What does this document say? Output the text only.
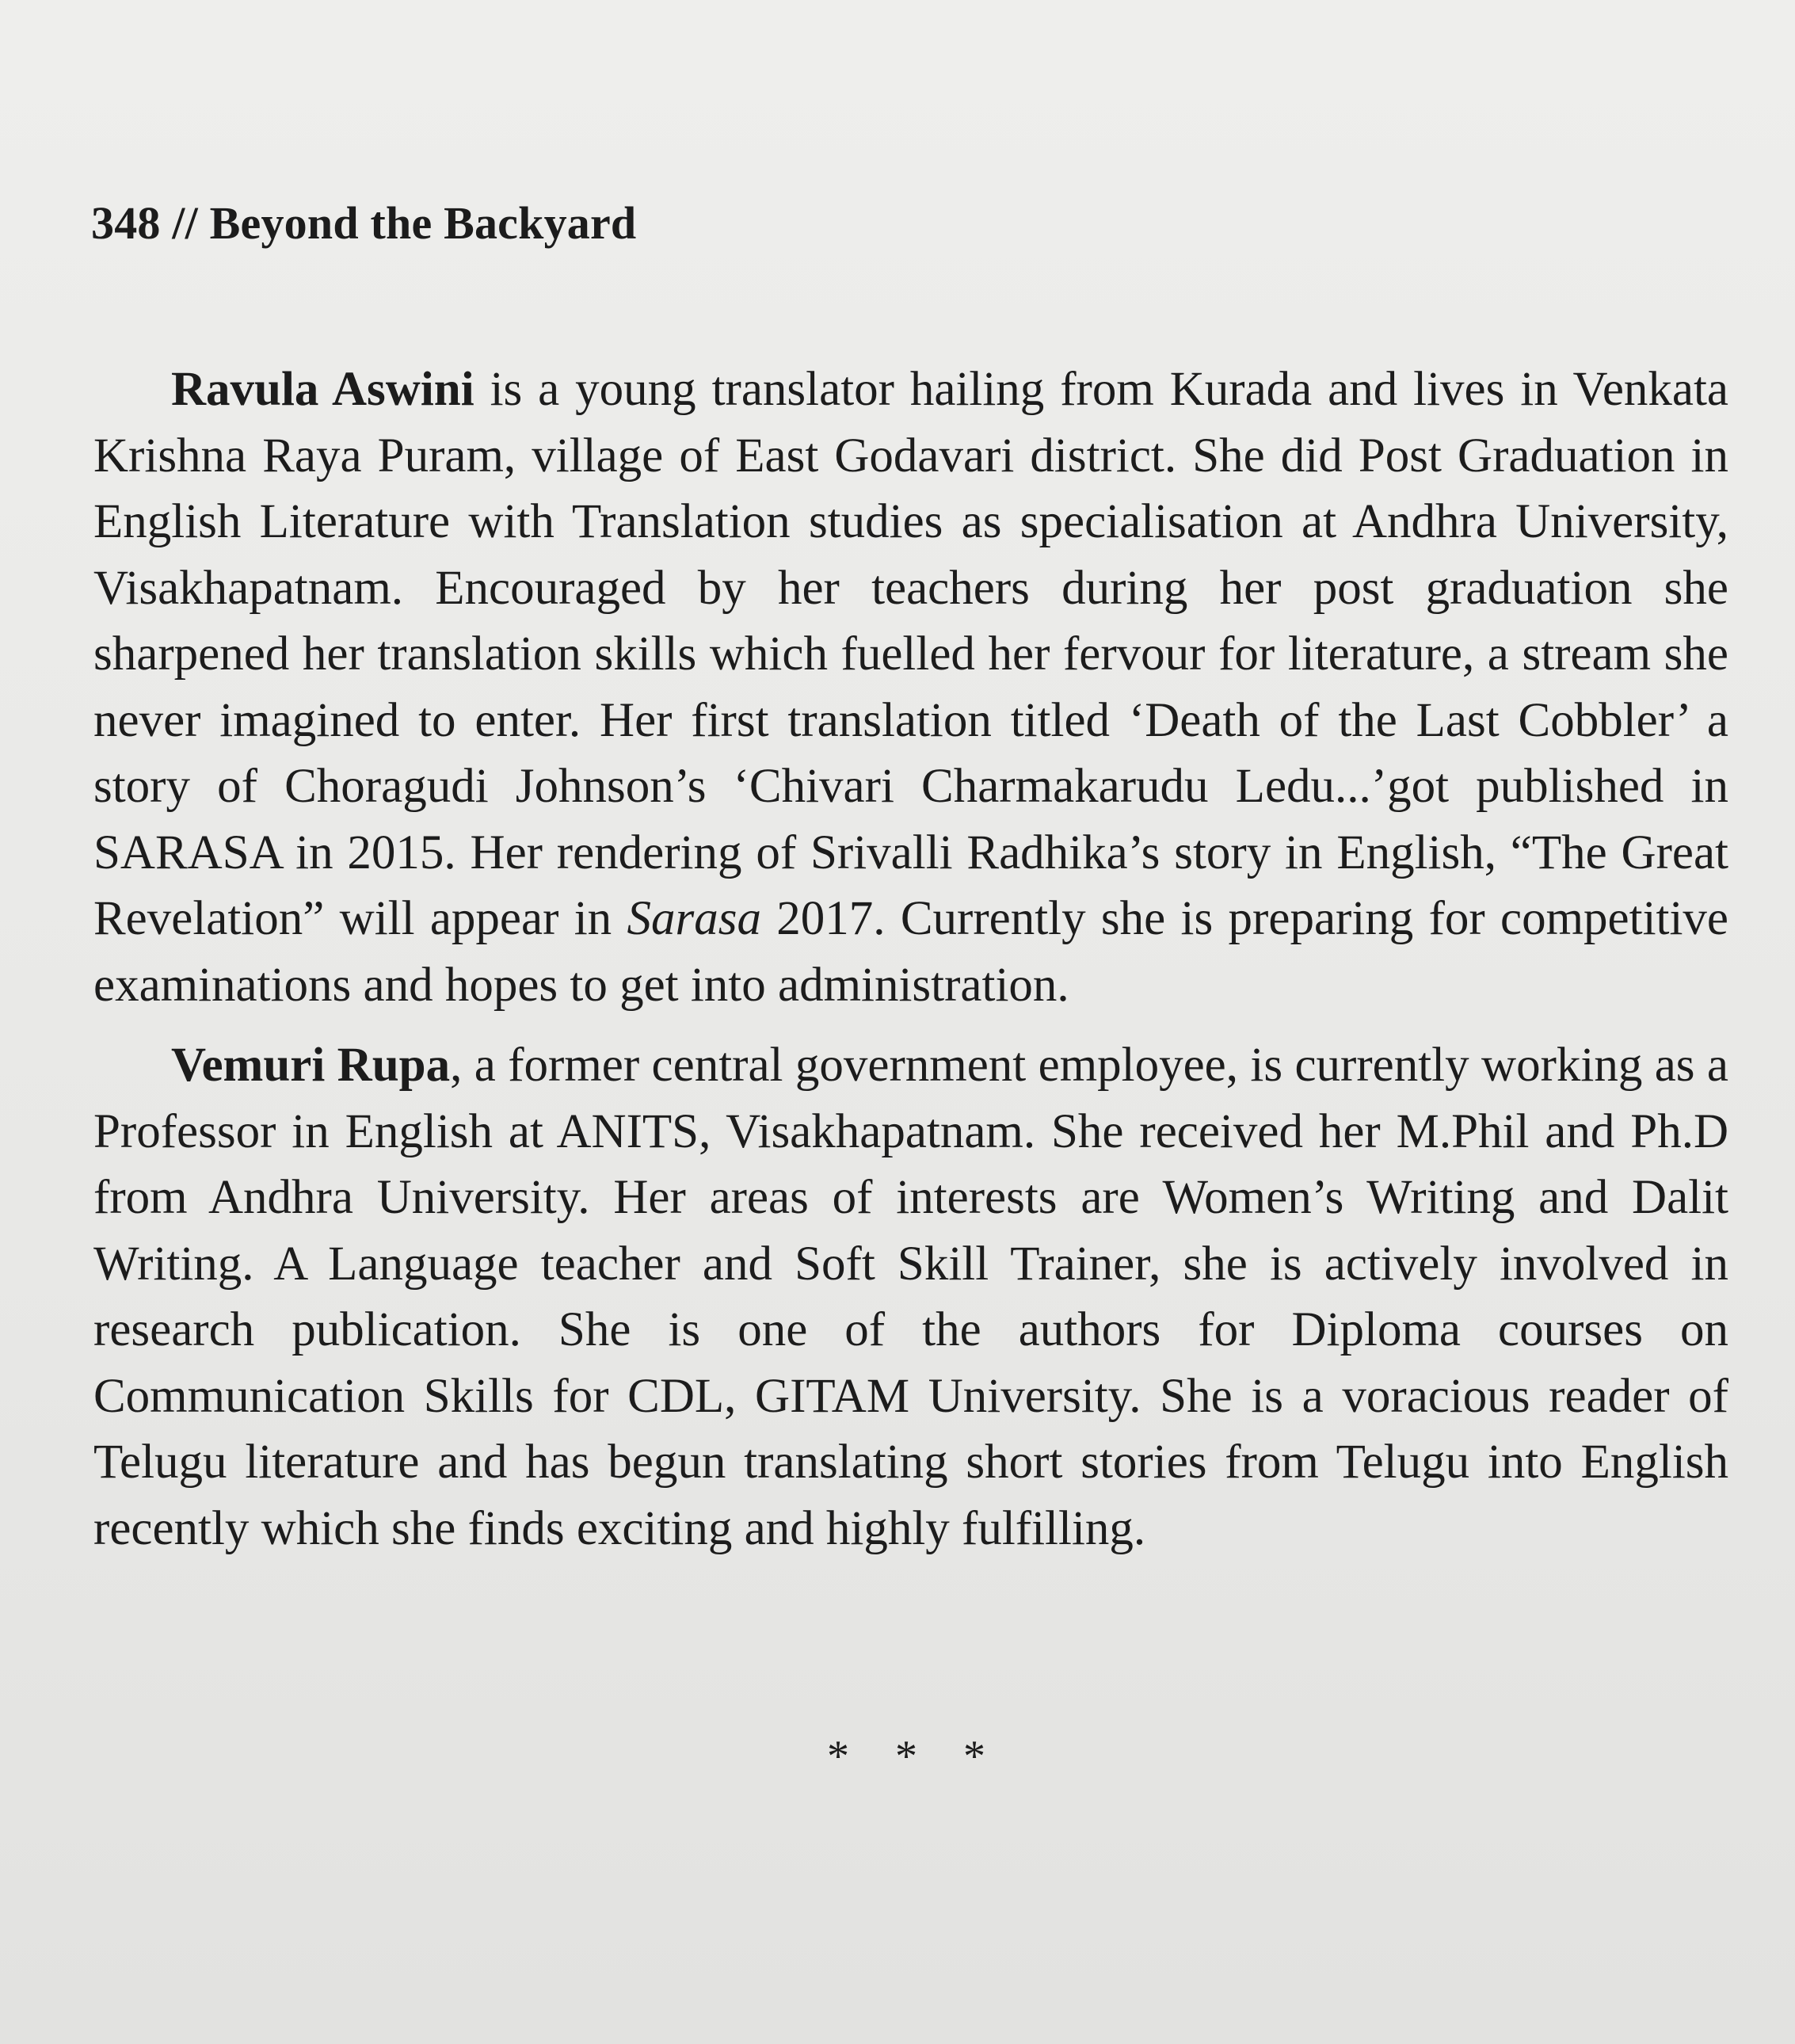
348 // Beyond the Backyard

Ravula Aswini is a young translator hailing from Kurada and lives in Venkata Krishna Raya Puram, village of East Godavari district. She did Post Graduation in English Literature with Translation studies as specialisation at Andhra University, Visakhapatnam. Encouraged by her teachers during her post graduation she sharpened her translation skills which fuelled her fervour for literature, a stream she never imagined to enter. Her first translation titled ‘Death of the Last Cobbler’ a story of Choragudi Johnson’s ‘Chivari Charmakarudu Ledu...’got published in SARASA in 2015. Her rendering of Srivalli Radhika’s story in English, “The Great Revelation” will appear in Sarasa 2017. Currently she is preparing for competitive examinations and hopes to get into administration.

Vemuri Rupa, a former central government employee, is currently working as a Professor in English at ANITS, Visakhapatnam. She received her M.Phil and Ph.D from Andhra University. Her areas of interests are Women’s Writing and Dalit Writing. A Language teacher and Soft Skill Trainer, she is actively involved in research publication. She is one of the authors for Diploma courses on Communication Skills for CDL, GITAM University. She is a voracious reader of Telugu literature and has begun translating short stories from Telugu into English recently which she finds exciting and highly fulfilling.

* * *
